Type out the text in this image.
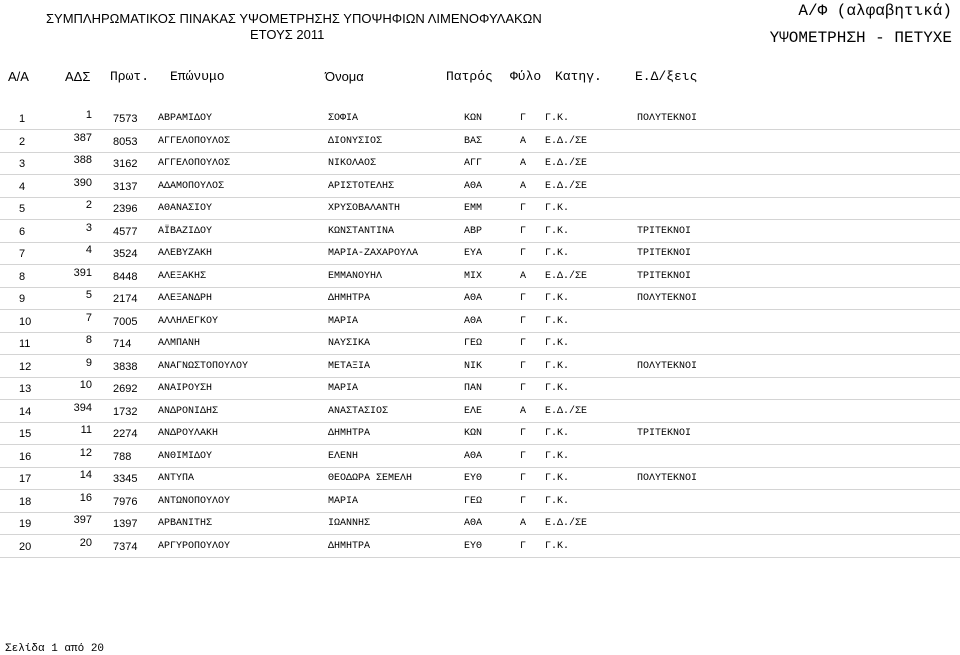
ΣΥΜΠΛΗΡΩΜΑΤΙΚΟΣ ΠΙΝΑΚΑΣ ΥΨΟΜΕΤΡΗΣΗΣ ΥΠΟΨΗΦΙΩΝ ΛΙΜΕΝΟΦΥΛΑΚΩΝ
ΕΤΟΥΣ 2011
Α/Φ (αλφαβητικά)
ΥΨΟΜΕΤΡΗΣΗ - ΠΕΤΥΧΕ
Α/Α	ΑΔΣ Πρωτ. Επώνυμο	Όνομα	Πατρός Φύλο Κατηγ.	Ε.Δ/ξεις
1	1 7573 ΑΒΡΑΜΙΔΟΥ	ΣΟΦΙΑ	ΚΩΝ	Γ Γ.Κ.	ΠΟΛΥΤΕΚΝΟΙ
2	387 8053 ΑΓΓΕΛΟΠΟΥΛΟΣ	ΔΙΟΝΥΣΙΟΣ	ΒΑΣ	Α Ε.Δ./ΣΕ
3	388 3162 ΑΓΓΕΛΟΠΟΥΛΟΣ	ΝΙΚΟΛΑΟΣ	ΑΓΓ	Α Ε.Δ./ΣΕ
4	390 3137 ΑΔΑΜΟΠΟΥΛΟΣ	ΑΡΙΣΤΟΤΕΛΗΣ	ΑΘΑ	Α Ε.Δ./ΣΕ
5	2 2396 ΑΘΑΝΑΣΙΟΥ	ΧΡΥΣΟΒΑΛΑΝΤΗ	ΕΜΜ	Γ Γ.Κ.
6	3 4577 ΑΪΒΑΖΙΔΟΥ	ΚΩΝΣΤΑΝΤΙΝΑ	ΑΒΡ	Γ Γ.Κ.	ΤΡΙΤΕΚΝΟΙ
7	4 3524 ΑΛΕΒΥΖΑΚΗ	ΜΑΡΙΑ-ΖΑΧΑΡΟΥΛΑ	ΕΥΑ	Γ Γ.Κ.	ΤΡΙΤΕΚΝΟΙ
8	391 8448 ΑΛΕΞΑΚΗΣ	ΕΜΜΑΝΟΥΗΛ	ΜΙΧ	Α Ε.Δ./ΣΕ	ΤΡΙΤΕΚΝΟΙ
9	5 2174 ΑΛΕΞΑΝΔΡΗ	ΔΗΜΗΤΡΑ	ΑΘΑ	Γ Γ.Κ.	ΠΟΛΥΤΕΚΝΟΙ
10	7 7005 ΑΛΛΗΛΕΓΚΟΥ	ΜΑΡΙΑ	ΑΘΑ	Γ Γ.Κ.
11	8 714	ΑΛΜΠΑΝΗ	ΝΑΥΣΙΚΑ	ΓΕΩ	Γ Γ.Κ.
12	9 3838 ΑΝΑΓΝΩΣΤΟΠΟΥΛΟΥ	ΜΕΤΑΞΙΑ	ΝΙΚ	Γ Γ.Κ.	ΠΟΛΥΤΕΚΝΟΙ
13	10 2692 ΑΝΑΙΡΟΥΣΗ	ΜΑΡΙΑ	ΠΑΝ	Γ Γ.Κ.
14	394 1732 ΑΝΔΡΟΝΙΔΗΣ	ΑΝΑΣΤΑΣΙΟΣ	ΕΛΕ	Α Ε.Δ./ΣΕ
15	11 2274 ΑΝΔΡΟΥΛΑΚΗ	ΔΗΜΗΤΡΑ	ΚΩΝ	Γ Γ.Κ.	ΤΡΙΤΕΚΝΟΙ
16	12 788	ΑΝΘΙΜΙΔΟΥ	ΕΛΕΝΗ	ΑΘΑ	Γ Γ.Κ.
17	14 3345 ΑΝΤΥΠΑ	ΘΕΟΔΩΡΑ ΣΕΜΕΛΗ	ΕΥΘ	Γ Γ.Κ.	ΠΟΛΥΤΕΚΝΟΙ
18	16 7976 ΑΝΤΩΝΟΠΟΥΛΟΥ	ΜΑΡΙΑ	ΓΕΩ	Γ Γ.Κ.
19	397 1397 ΑΡΒΑΝΙΤΗΣ	ΙΩΑΝΝΗΣ	ΑΘΑ	Α Ε.Δ./ΣΕ
20	20 7374 ΑΡΓΥΡΟΠΟΥΛΟΥ	ΔΗΜΗΤΡΑ	ΕΥΘ	Γ Γ.Κ.
Σελίδα 1 από 20
